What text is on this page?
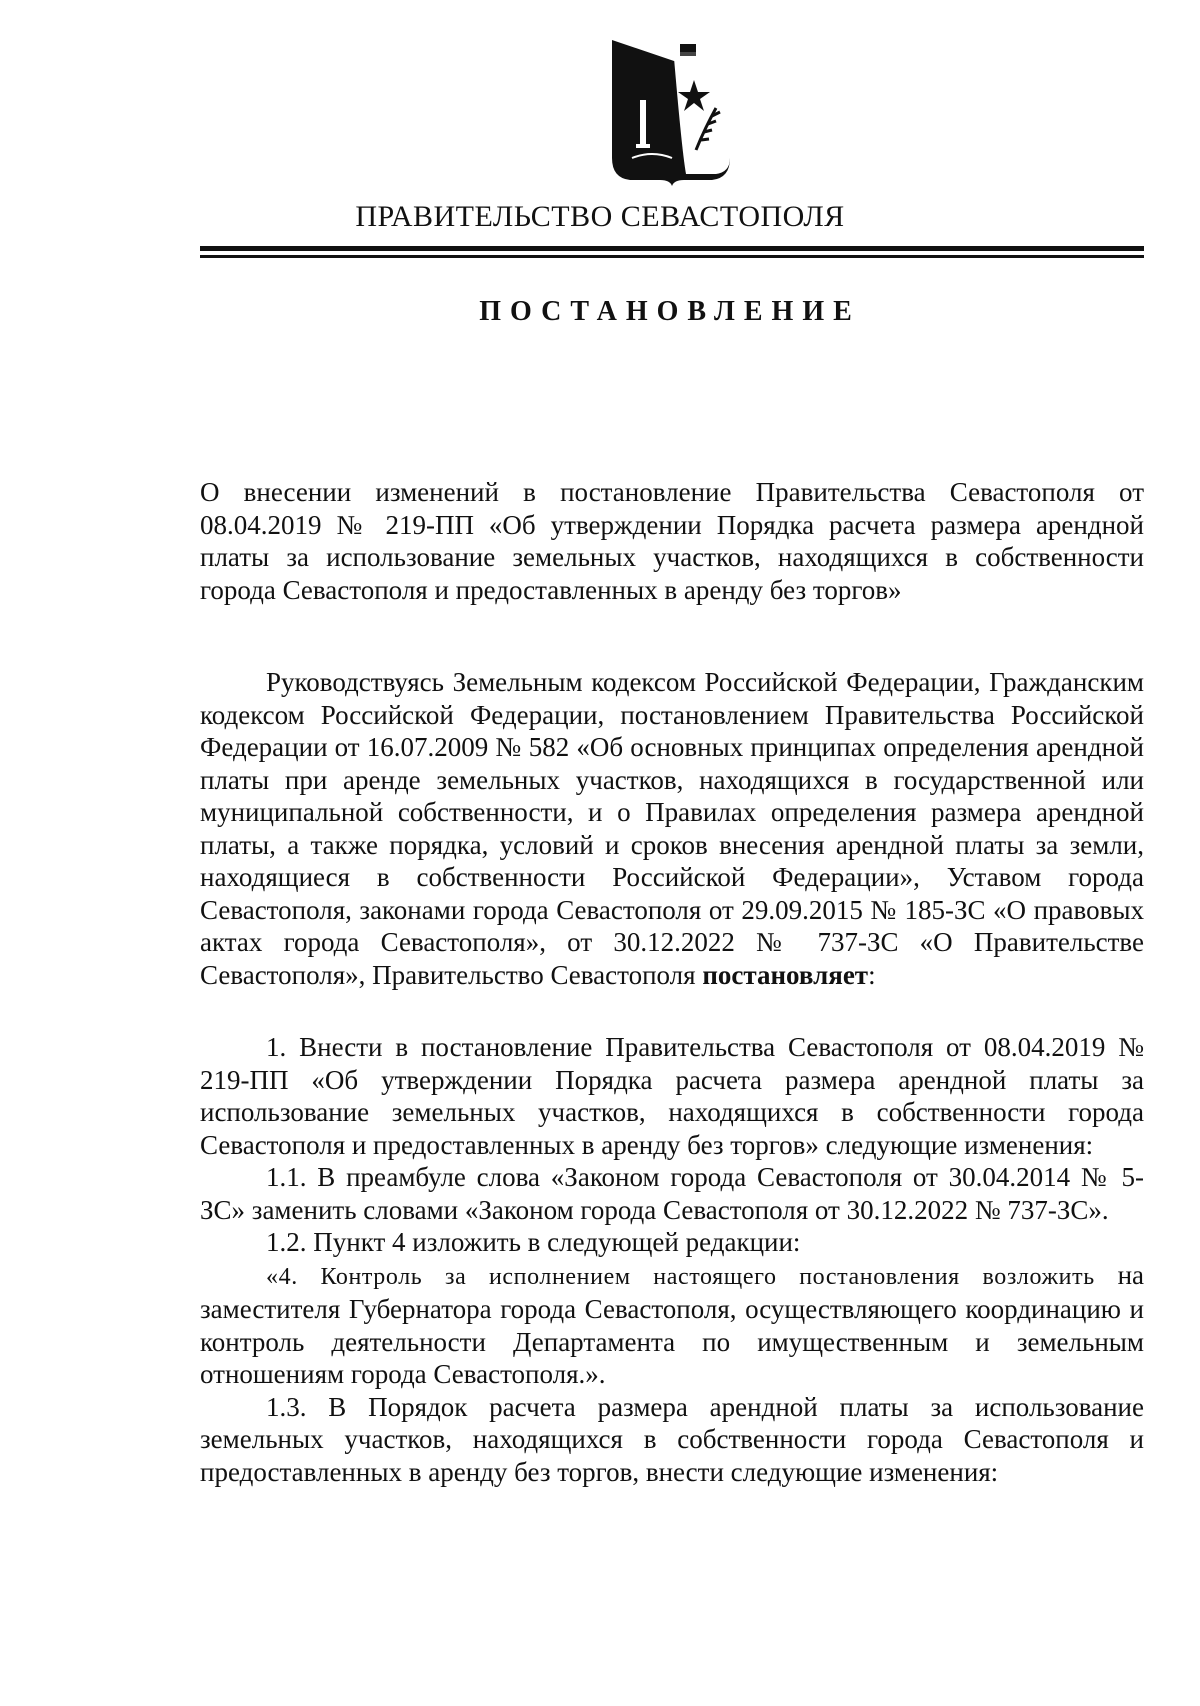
ПРАВИТЕЛЬСТВО СЕВАСТОПОЛЯ
ПОСТАНОВЛЕНИЕ

О внесении изменений в постановление Правительства Севастополя от 08.04.2019 № 219-ПП «Об утверждении Порядка расчета размера арендной платы за использование земельных участков, находящихся в собственности города Севастополя и предоставленных в аренду без торгов»

Руководствуясь Земельным кодексом Российской Федерации, Гражданским кодексом Российской Федерации, постановлением Правительства Российской Федерации от 16.07.2009 № 582 «Об основных принципах определения арендной платы при аренде земельных участков, находящихся в государственной или муниципальной собственности, и о Правилах определения размера арендной платы, а также порядка, условий и сроков внесения арендной платы за земли, находящиеся в собственности Российской Федерации», Уставом города Севастополя, законами города Севастополя от 29.09.2015 № 185-ЗС «О правовых актах города Севастополя», от 30.12.2022 № 737-ЗС «О Правительстве Севастополя», Правительство Севастополя постановляет:

1. Внести в постановление Правительства Севастополя от 08.04.2019 № 219-ПП «Об утверждении Порядка расчета размера арендной платы за использование земельных участков, находящихся в собственности города Севастополя и предоставленных в аренду без торгов» следующие изменения:

1.1. В преамбуле слова «Законом города Севастополя от 30.04.2014 № 5-ЗС» заменить словами «Законом города Севастополя от 30.12.2022 № 737-ЗС».

1.2. Пункт 4 изложить в следующей редакции:

«4. Контроль за исполнением настоящего постановления возложить на заместителя Губернатора города Севастополя, осуществляющего координацию и контроль деятельности Департамента по имущественным и земельным отношениям города Севастополя.».

1.3. В Порядок расчета размера арендной платы за использование земельных участков, находящихся в собственности города Севастополя и предоставленных в аренду без торгов, внести следующие изменения:
